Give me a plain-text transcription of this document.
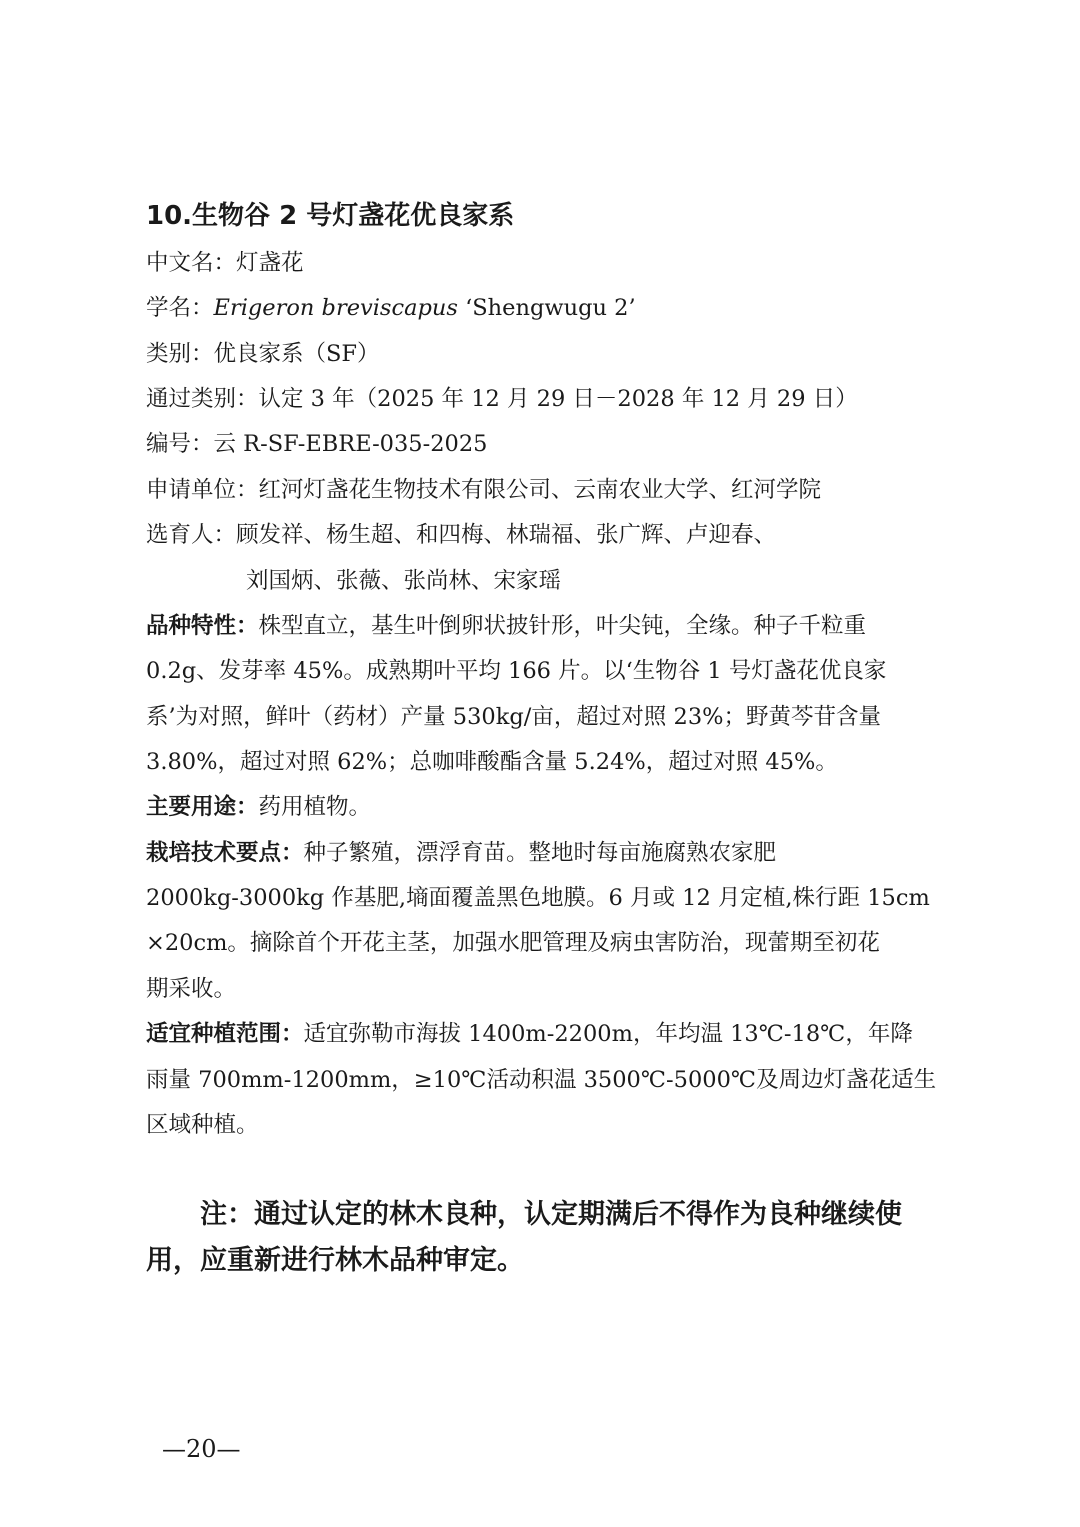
10.生物谷 2 号灯盏花优良家系
中文名：灯盏花
学名：Erigeron breviscapus ‘Shengwugu 2’
类别：优良家系（SF）
通过类别：认定 3 年（2025 年 12 月 29 日－2028 年 12 月 29 日）
编号：云 R-SF-EBRE-035-2025
申请单位：红河灯盏花生物技术有限公司、云南农业大学、红河学院
选育人：顾发祥、杨生超、和四梅、林瑞福、张广辉、卢迎春、
刘国炳、张薇、张尚林、宋家瑶
品种特性：株型直立，基生叶倒卵状披针形，叶尖钝，全缘。种子千粒重
0.2g、发芽率 45%。成熟期叶平均 166 片。以‘生物谷 1 号灯盏花优良家
系’为对照，鲜叶（药材）产量 530kg/亩，超过对照 23%；野黄芩苷含量
3.80%，超过对照 62%；总咖啡酸酯含量 5.24%，超过对照 45%。
主要用途：药用植物。
栽培技术要点：种子繁殖，漂浮育苗。整地时每亩施腐熟农家肥
2000kg-3000kg 作基肥,墒面覆盖黑色地膜。6 月或 12 月定植,株行距 15cm
×20cm。摘除首个开花主茎，加强水肥管理及病虫害防治，现蕾期至初花
期采收。
适宜种植范围：适宜弥勒市海拔 1400m-2200m，年均温 13℃-18℃，年降
雨量 700mm-1200mm，≥10℃活动积温 3500℃-5000℃及周边灯盏花适生
区域种植。
注：通过认定的林木良种，认定期满后不得作为良种继续使
用，应重新进行林木品种审定。
—20—
